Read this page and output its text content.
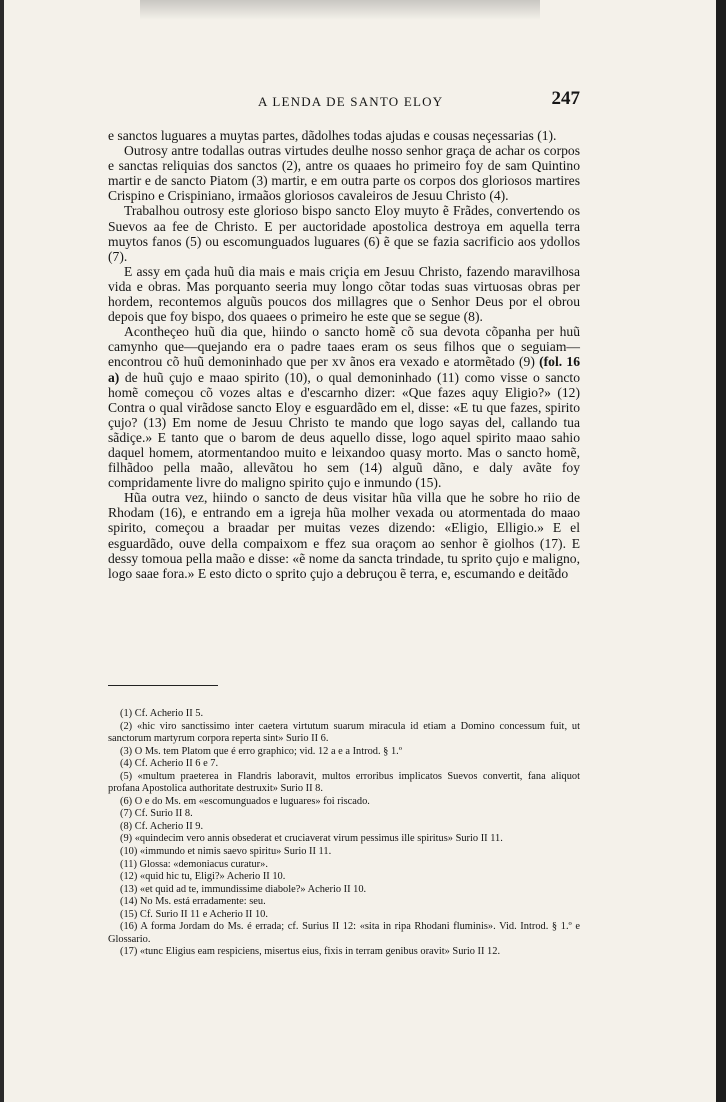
A LENDA DE SANTO ELOY	247

e sanctos luguares a muytas partes, dãdolhes todas ajudas e cousas neçessarias (1).

Outrosy antre todallas outras virtudes deulhe nosso senhor graça de achar os corpos e sanctas reliquias dos sanctos (2), antre os quaaes ho primeiro foy de sam Quintino martir e de sancto Piatom (3) martir, e em outra parte os corpos dos gloriosos martires Crispino e Crispiniano, irmaãos gloriosos cavaleiros de Jesuu Christo (4).

Trabalhou outrosy este glorioso bispo sancto Eloy muyto ẽ Frãdes, convertendo os Suevos aa fee de Christo. E per auctoridade apostolica destroya em aquella terra muytos fanos (5) ou escomunguados luguares (6) ẽ que se fazia sacrificio aos ydollos (7).

E assy em çada huũ dia mais e mais criçia em Jesuu Christo, fazendo maravilhosa vida e obras. Mas porquanto seeria muy longo cõtar todas suas virtuosas obras per hordem, recontemos alguũs poucos dos millagres que o Senhor Deus por el obrou depois que foy bispo, dos quaees o primeiro he este que se segue (8).

Acontheçeo huũ dia que, hiindo o sancto homẽ cõ sua devota cõpanha per huũ camynho que—quejando era o padre taaes eram os seus filhos que o seguiam—encontrou cõ huũ demoninhado que per xv ãnos era vexado e atormẽtado (9) (fol. 16 a) de huũ çujo e maao spirito (10), o qual demoninhado (11) como visse o sancto homẽ começou cõ vozes altas e d'escarnho dizer: «Que fazes aquy Eligio?» (12) Contra o qual virãdose sancto Eloy e esguardãdo em el, disse: «E tu que fazes, spirito çujo? (13) Em nome de Jesuu Christo te mando que logo sayas del, callando tua sãdiçe.» E tanto que o barom de deus aquello disse, logo aquel spirito maao sahio daquel homem, atormentandoo muito e leixandoo quasy morto. Mas o sancto homẽ, filhãdoo pella maão, allevãtou ho sem (14) alguũ dãno, e daly avãte foy compridamente livre do maligno spirito çujo e inmundo (15).

Hũa outra vez, hiindo o sancto de deus visitar hũa villa que he sobre ho riio de Rhodam (16), e entrando em a igreja hũa molher vexada ou atormentada do maao spirito, começou a braadar per muitas vezes dizendo: «Eligio, Elligio.» E el esguardãdo, ouve della compaixom e ffez sua oraçom ao senhor ẽ giolhos (17). E dessy tomoua pella maão e disse: «ẽ nome da sancta trindade, tu sprito çujo e maligno, logo saae fora.» E esto dicto o sprito çujo a debruçou ẽ terra, e, escumando e deitãdo

(1) Cf. Acherio II 5.

(2) «hic viro sanctissimo inter caetera virtutum suarum miracula id etiam a Domino concessum fuit, ut sanctorum martyrum corpora reperta sint» Surio II 6.

(3) O Ms. tem Platom que é erro graphico; vid. 12 a e a Introd. § 1.º

(4) Cf. Acherio II 6 e 7.

(5) «multum praeterea in Flandris laboravit, multos erroribus implicatos Suevos convertit, fana aliquot profana Apostolica authoritate destruxit» Surio II 8.

(6) O e do Ms. em «escomunguados e luguares» foi riscado.

(7) Cf. Surio II 8.

(8) Cf. Acherio II 9.

(9) «quindecim vero annis obsederat et cruciaverat virum pessimus ille spiritus» Surio II 11.

(10) «immundo et nimis saevo spiritu» Surio II 11.

(11) Glossa: «demoniacus curatur».

(12) «quid hic tu, Eligi?» Acherio II 10.

(13) «et quid ad te, immundissime diabole?» Acherio II 10.

(14) No Ms. está erradamente: seu.

(15) Cf. Surio II 11 e Acherio II 10.

(16) A forma Jordam do Ms. é errada; cf. Surius II 12: «sita in ripa Rhodani fluminis». Vid. Introd. § 1.º e Glossario.

(17) «tunc Eligius eam respiciens, misertus eius, fixis in terram genibus oravit» Surio II 12.
